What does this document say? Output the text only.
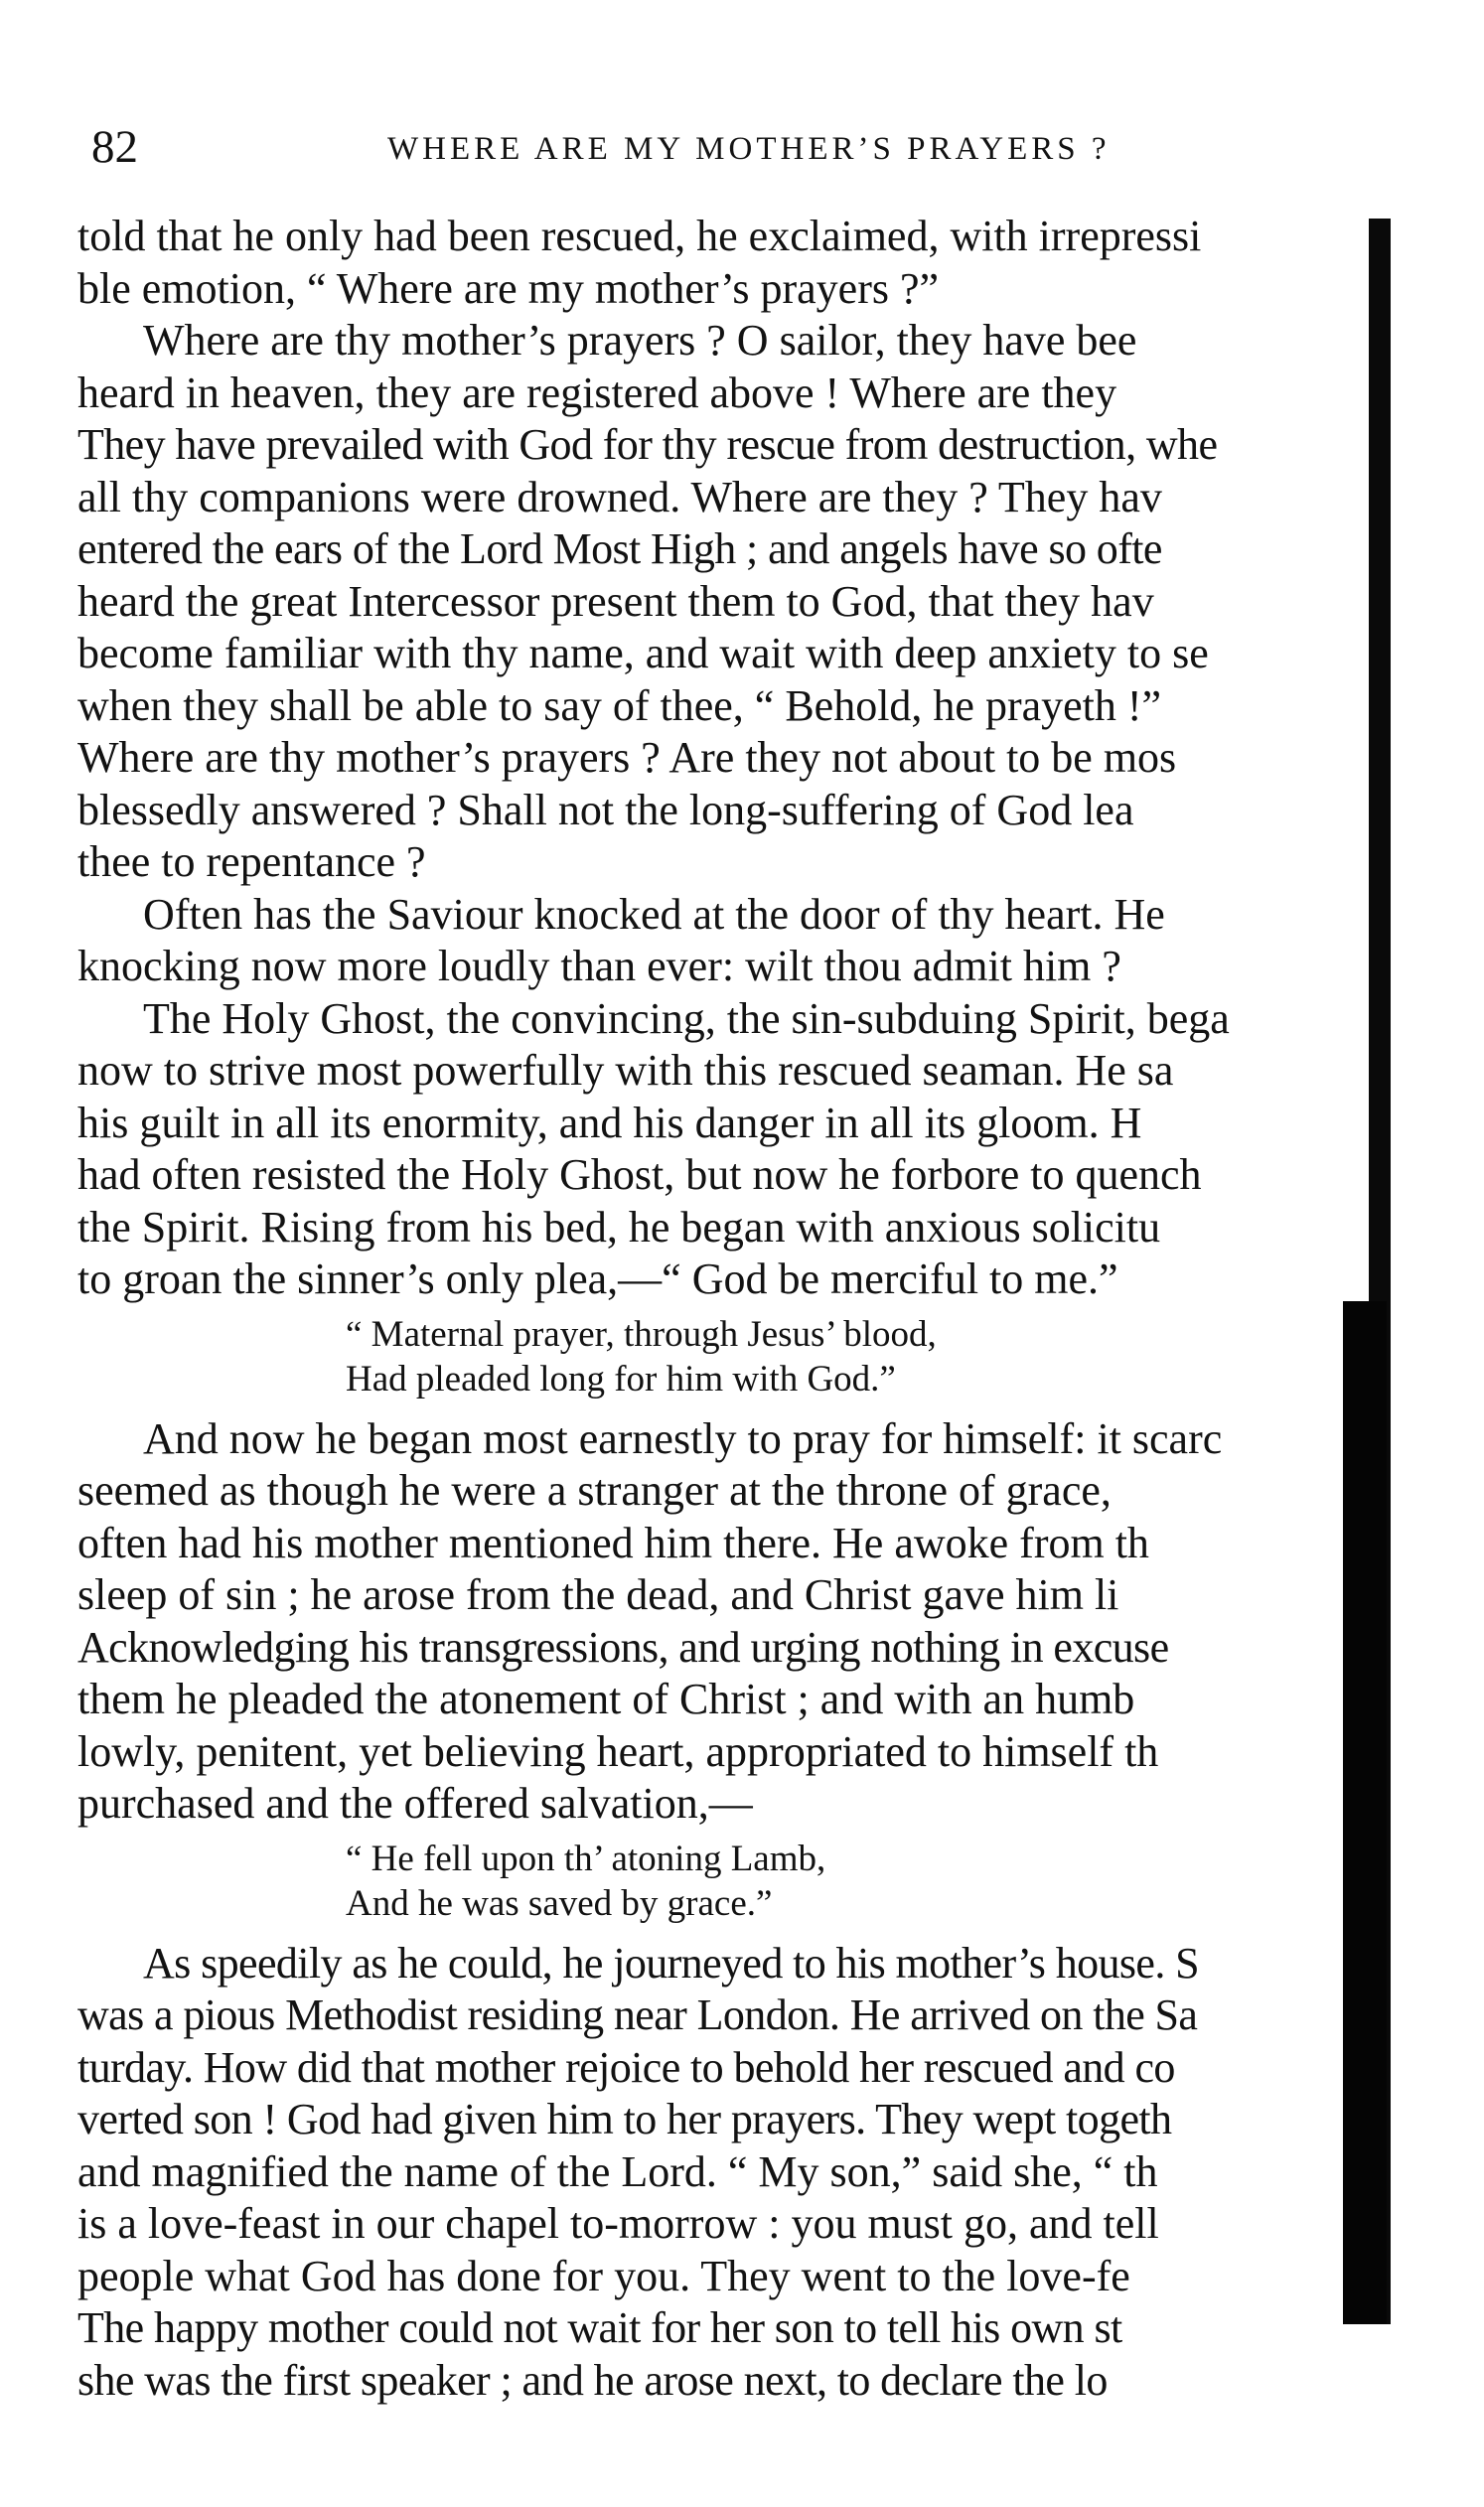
82	WHERE ARE MY MOTHER’S PRAYERS ?
told that he only had been rescued, he exclaimed, with irrepressi
ble emotion, “ Where are my mother’s prayers ?”
Where are thy mother’s prayers ? O sailor, they have bee
heard in heaven, they are registered above ! Where are they
They have prevailed with God for thy rescue from destruction, whe
all thy companions were drowned. Where are they ? They hav
entered the ears of the Lord Most High ; and angels have so ofte
heard the great Intercessor present them to God, that they hav
become familiar with thy name, and wait with deep anxiety to se
when they shall be able to say of thee, “ Behold, he prayeth !”
Where are thy mother’s prayers ? Are they not about to be mos
blessedly answered ? Shall not the long-suffering of God lea
thee to repentance ?
Often has the Saviour knocked at the door of thy heart. He
knocking now more loudly than ever: wilt thou admit him ?
The Holy Ghost, the convincing, the sin-subduing Spirit, bega
now to strive most powerfully with this rescued seaman. He sa
his guilt in all its enormity, and his danger in all its gloom. H
had often resisted the Holy Ghost, but now he forbore to quench
the Spirit. Rising from his bed, he began with anxious solicitu
to groan the sinner’s only plea,—“ God be merciful to me.”
“ Maternal prayer, through Jesus’ blood,
Had pleaded long for him with God.”
And now he began most earnestly to pray for himself: it scarc
seemed as though he were a stranger at the throne of grace,
often had his mother mentioned him there. He awoke from th
sleep of sin ; he arose from the dead, and Christ gave him li
Acknowledging his transgressions, and urging nothing in excuse
them he pleaded the atonement of Christ ; and with an humb
lowly, penitent, yet believing heart, appropriated to himself th
purchased and the offered salvation,—
“ He fell upon th’ atoning Lamb,
And he was saved by grace.”
As speedily as he could, he journeyed to his mother’s house. S
was a pious Methodist residing near London. He arrived on the Sa
turday. How did that mother rejoice to behold her rescued and co
verted son ! God had given him to her prayers. They wept togeth
and magnified the name of the Lord. “ My son,” said she, “ th
is a love-feast in our chapel to-morrow : you must go, and tell
people what God has done for you. They went to the love-fe
The happy mother could not wait for her son to tell his own st
she was the first speaker ; and he arose next, to declare the lo
